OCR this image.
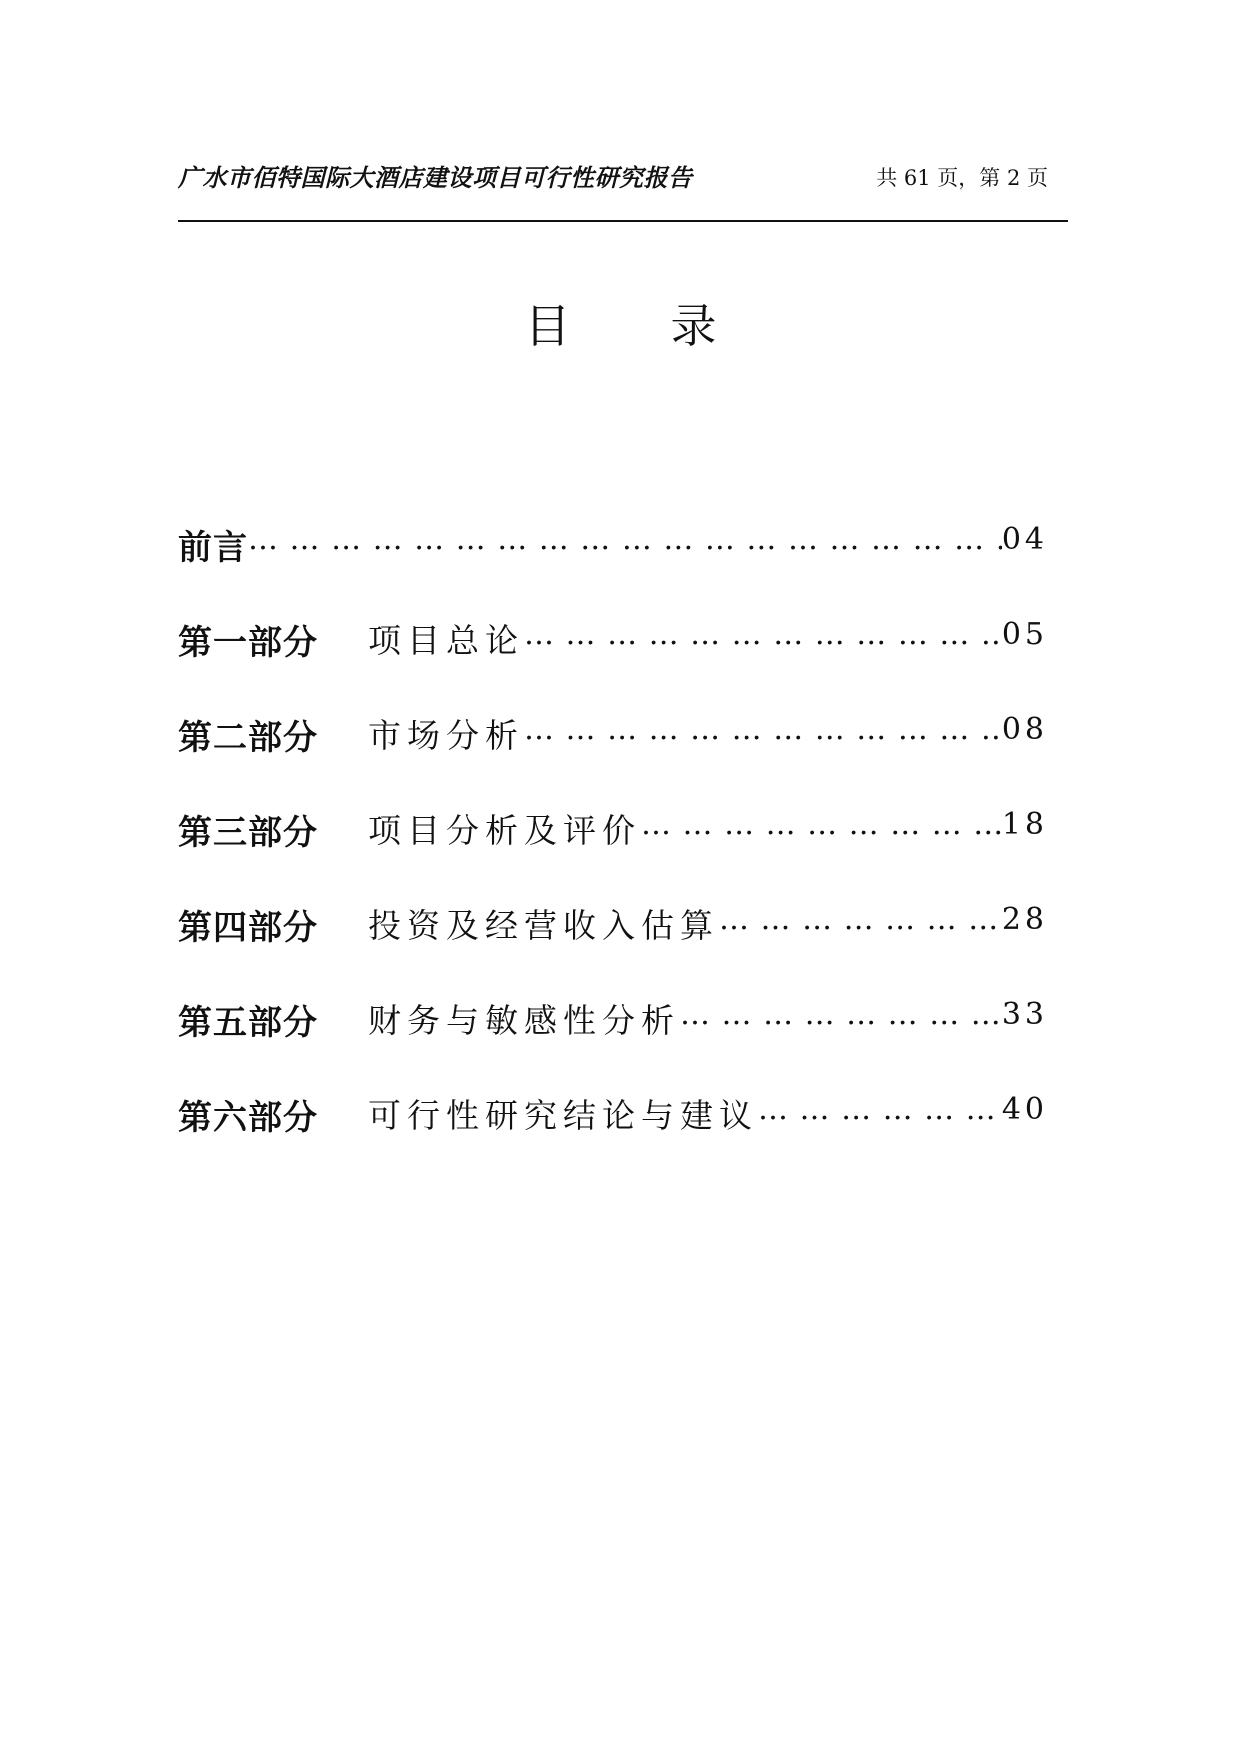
广水市佰特国际大酒店建设项目可行性研究报告	共 61 页，第 2 页
目 录
前言 … … … … … … … … … … … … … … … … … … … … … … … … … … … … … … … … … … … … … … … … … … … … … … … …	04
第一部分	项目总论 … … … … … … … … … … … … … … … … … … … … … … … … … … … … … … … … … … … … … … … … … … … … … … … …	05
第二部分	市场分析 … … … … … … … … … … … … … … … … … … … … … … … … … … … … … … … … … … … … … … … … … … … … … … … …	08
第三部分	项目分析及评价 … … … … … … … … … … … … … … … … … … … … … … … … … … … … … … … … … … … … … … … … … … … … … … … …	18
第四部分	投资及经营收入估算 … … … … … … … … … … … … … … … … … … … … … … … … … … … … … … … … … … … … … … … … … … … … … … … …	28
第五部分	财务与敏感性分析 … … … … … … … … … … … … … … … … … … … … … … … … … … … … … … … … … … … … … … … … … … … … … … … …	33
第六部分	可行性研究结论与建议 … … … … … … … … … … … … … … … … … … … … … … … … … … … … … … … … … … … … … … … … … … … … … … … …	40
